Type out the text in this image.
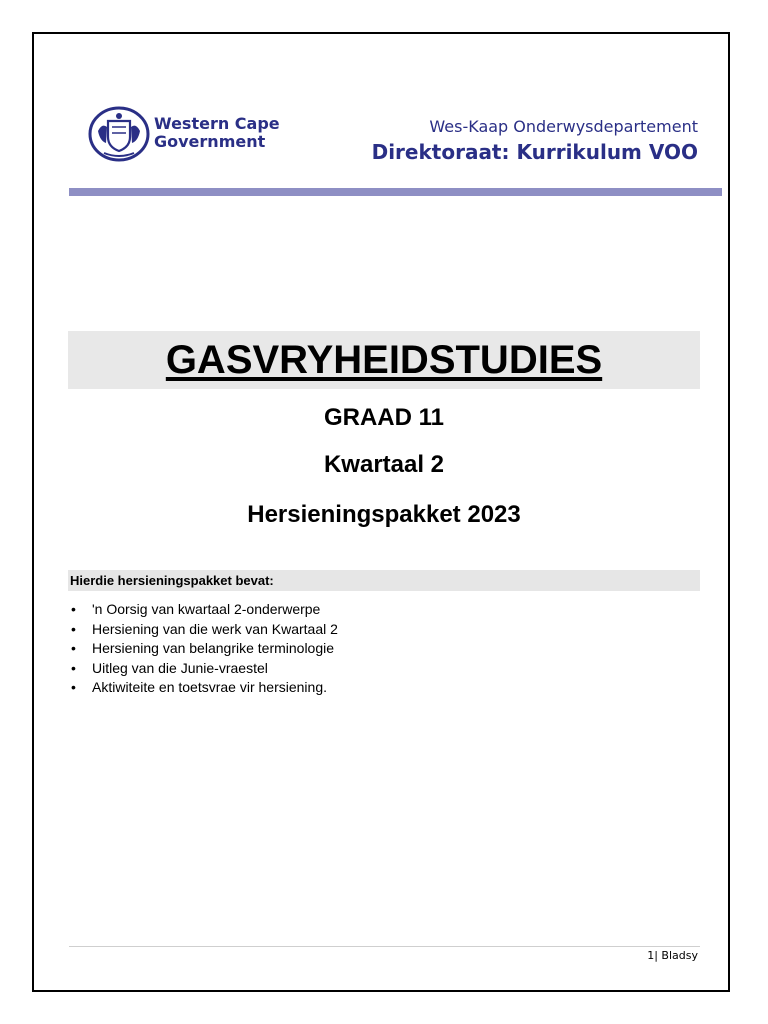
Western Cape
Government
Wes-Kaap Onderwysdepartement
Direktoraat: Kurrikulum VOO
GASVRYHEIDSTUDIES
GRAAD 11
Kwartaal 2
Hersieningspakket 2023
Hierdie hersieningspakket bevat:
• 'n Oorsig van kwartaal 2-onderwerpe
• Hersiening van die werk van Kwartaal 2
• Hersiening van belangrike terminologie
• Uitleg van die Junie-vraestel
• Aktiwiteite en toetsvrae vir hersiening.
1| Bladsy
